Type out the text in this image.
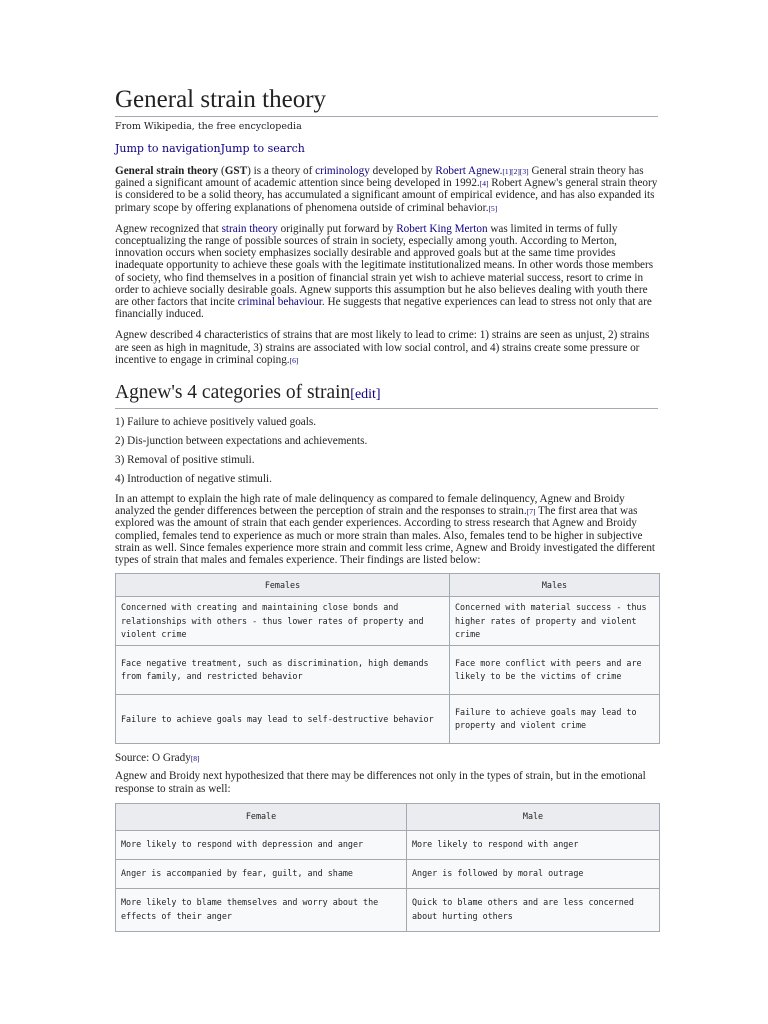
General strain theory
From Wikipedia, the free encyclopedia
Jump to navigationJump to search

General strain theory (GST) is a theory of criminology developed by Robert Agnew.[1][2][3] General strain theory has gained a significant amount of academic attention since being developed in 1992.[4] Robert Agnew's general strain theory is considered to be a solid theory, has accumulated a significant amount of empirical evidence, and has also expanded its primary scope by offering explanations of phenomena outside of criminal behavior.[5]

Agnew recognized that strain theory originally put forward by Robert King Merton was limited in terms of fully conceptualizing the range of possible sources of strain in society, especially among youth. According to Merton, innovation occurs when society emphasizes socially desirable and approved goals but at the same time provides inadequate opportunity to achieve these goals with the legitimate institutionalized means. In other words those members of society, who find themselves in a position of financial strain yet wish to achieve material success, resort to crime in order to achieve socially desirable goals. Agnew supports this assumption but he also believes dealing with youth there are other factors that incite criminal behaviour. He suggests that negative experiences can lead to stress not only that are financially induced.

Agnew described 4 characteristics of strains that are most likely to lead to crime: 1) strains are seen as unjust, 2) strains are seen as high in magnitude, 3) strains are associated with low social control, and 4) strains create some pressure or incentive to engage in criminal coping.[6]

Agnew's 4 categories of strain[edit]
1) Failure to achieve positively valued goals.
2) Dis-junction between expectations and achievements.
3) Removal of positive stimuli.
4) Introduction of negative stimuli.

In an attempt to explain the high rate of male delinquency as compared to female delinquency, Agnew and Broidy analyzed the gender differences between the perception of strain and the responses to strain.[7] The first area that was explored was the amount of strain that each gender experiences. According to stress research that Agnew and Broidy complied, females tend to experience as much or more strain than males. Also, females tend to be higher in subjective strain as well. Since females experience more strain and commit less crime, Agnew and Broidy investigated the different types of strain that males and females experience. Their findings are listed below:

Females	Males
Concerned with creating and maintaining close bonds and relationships with others - thus lower rates of property and violent crime	Concerned with material success - thus higher rates of property and violent crime
Face negative treatment, such as discrimination, high demands from family, and restricted behavior	Face more conflict with peers and are likely to be the victims of crime
Failure to achieve goals may lead to self-destructive behavior	Failure to achieve goals may lead to property and violent crime

Source: O Grady[8]

Agnew and Broidy next hypothesized that there may be differences not only in the types of strain, but in the emotional response to strain as well:

Female	Male
More likely to respond with depression and anger	More likely to respond with anger
Anger is accompanied by fear, guilt, and shame	Anger is followed by moral outrage
More likely to blame themselves and worry about the effects of their anger	Quick to blame others and are less concerned about hurting others
